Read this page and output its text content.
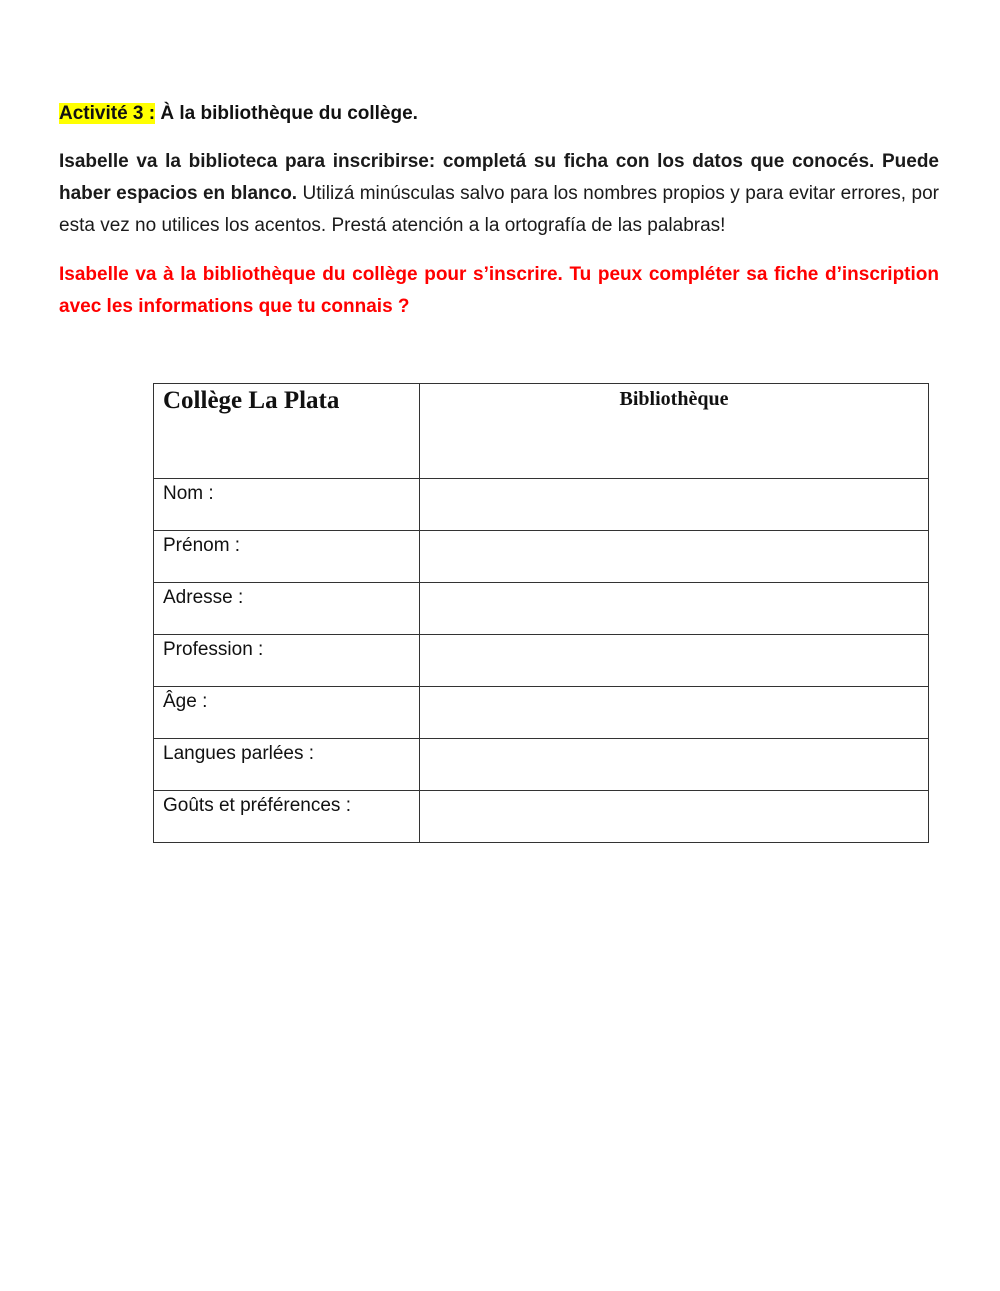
Activité 3 : À la bibliothèque du collège.
Isabelle va la biblioteca para inscribirse: completá su ficha con los datos que conocés. Puede haber espacios en blanco. Utilizá minúsculas salvo para los nombres propios y para evitar errores, por esta vez no utilices los acentos. Prestá atención a la ortografía de las palabras!
Isabelle va à la bibliothèque du collège pour s’inscrire. Tu peux compléter sa fiche d’inscription avec les informations que tu connais ?
Collège La Plata	Bibliothèque
Nom :	
Prénom :	
Adresse :	
Profession :	
Âge :	
Langues parlées :	
Goûts et préférences :	
